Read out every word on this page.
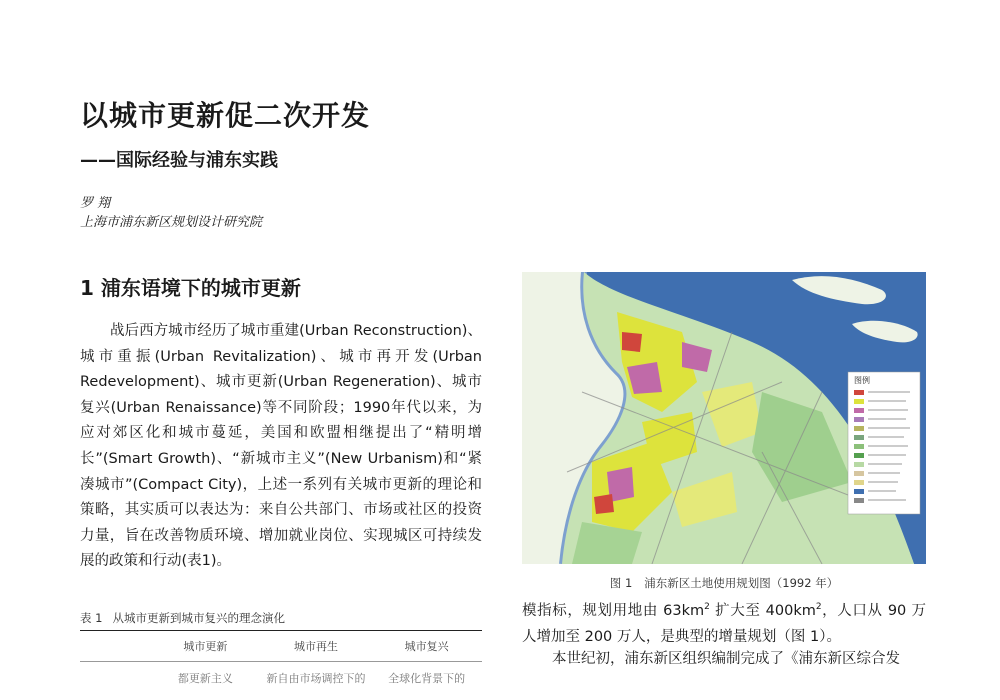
以城市更新促二次开发
——国际经验与浦东实践
罗 翔
上海市浦东新区规划设计研究院
1 浦东语境下的城市更新

战后西方城市经历了城市重建(Urban Reconstruction)、城市重振(Urban Revitalization)、城市再开发(Urban Redevelopment)、城市更新(Urban Regeneration)、城市复兴(Urban Renaissance)等不同阶段；1990年代以来，为应对郊区化和城市蔓延，美国和欧盟相继提出了“精明增长”(Smart Growth)、“新城市主义”(New Urbanism)和“紧凑城市”(Compact City)，上述一系列有关城市更新的理论和策略，其实质可以表达为：来自公共部门、市场或社区的投资力量，旨在改善物质环境、增加就业岗位、实现城区可持续发展的政策和行动(表1)。

表 1 从城市更新到城市复兴的理念演化
城市更新	城市再生	城市复兴
都更新主义	新自由市场调控下的	全球化背景下的
图例
图 1 浦东新区土地使用规划图（1992 年）

模指标，规划用地由 $63km^2$ 扩大至 $400km^2$，人口从 90 万人增加至 200 万人，是典型的增量规划（图 1）。

本世纪初，浦东新区组织编制完成了《浦东新区综合发
